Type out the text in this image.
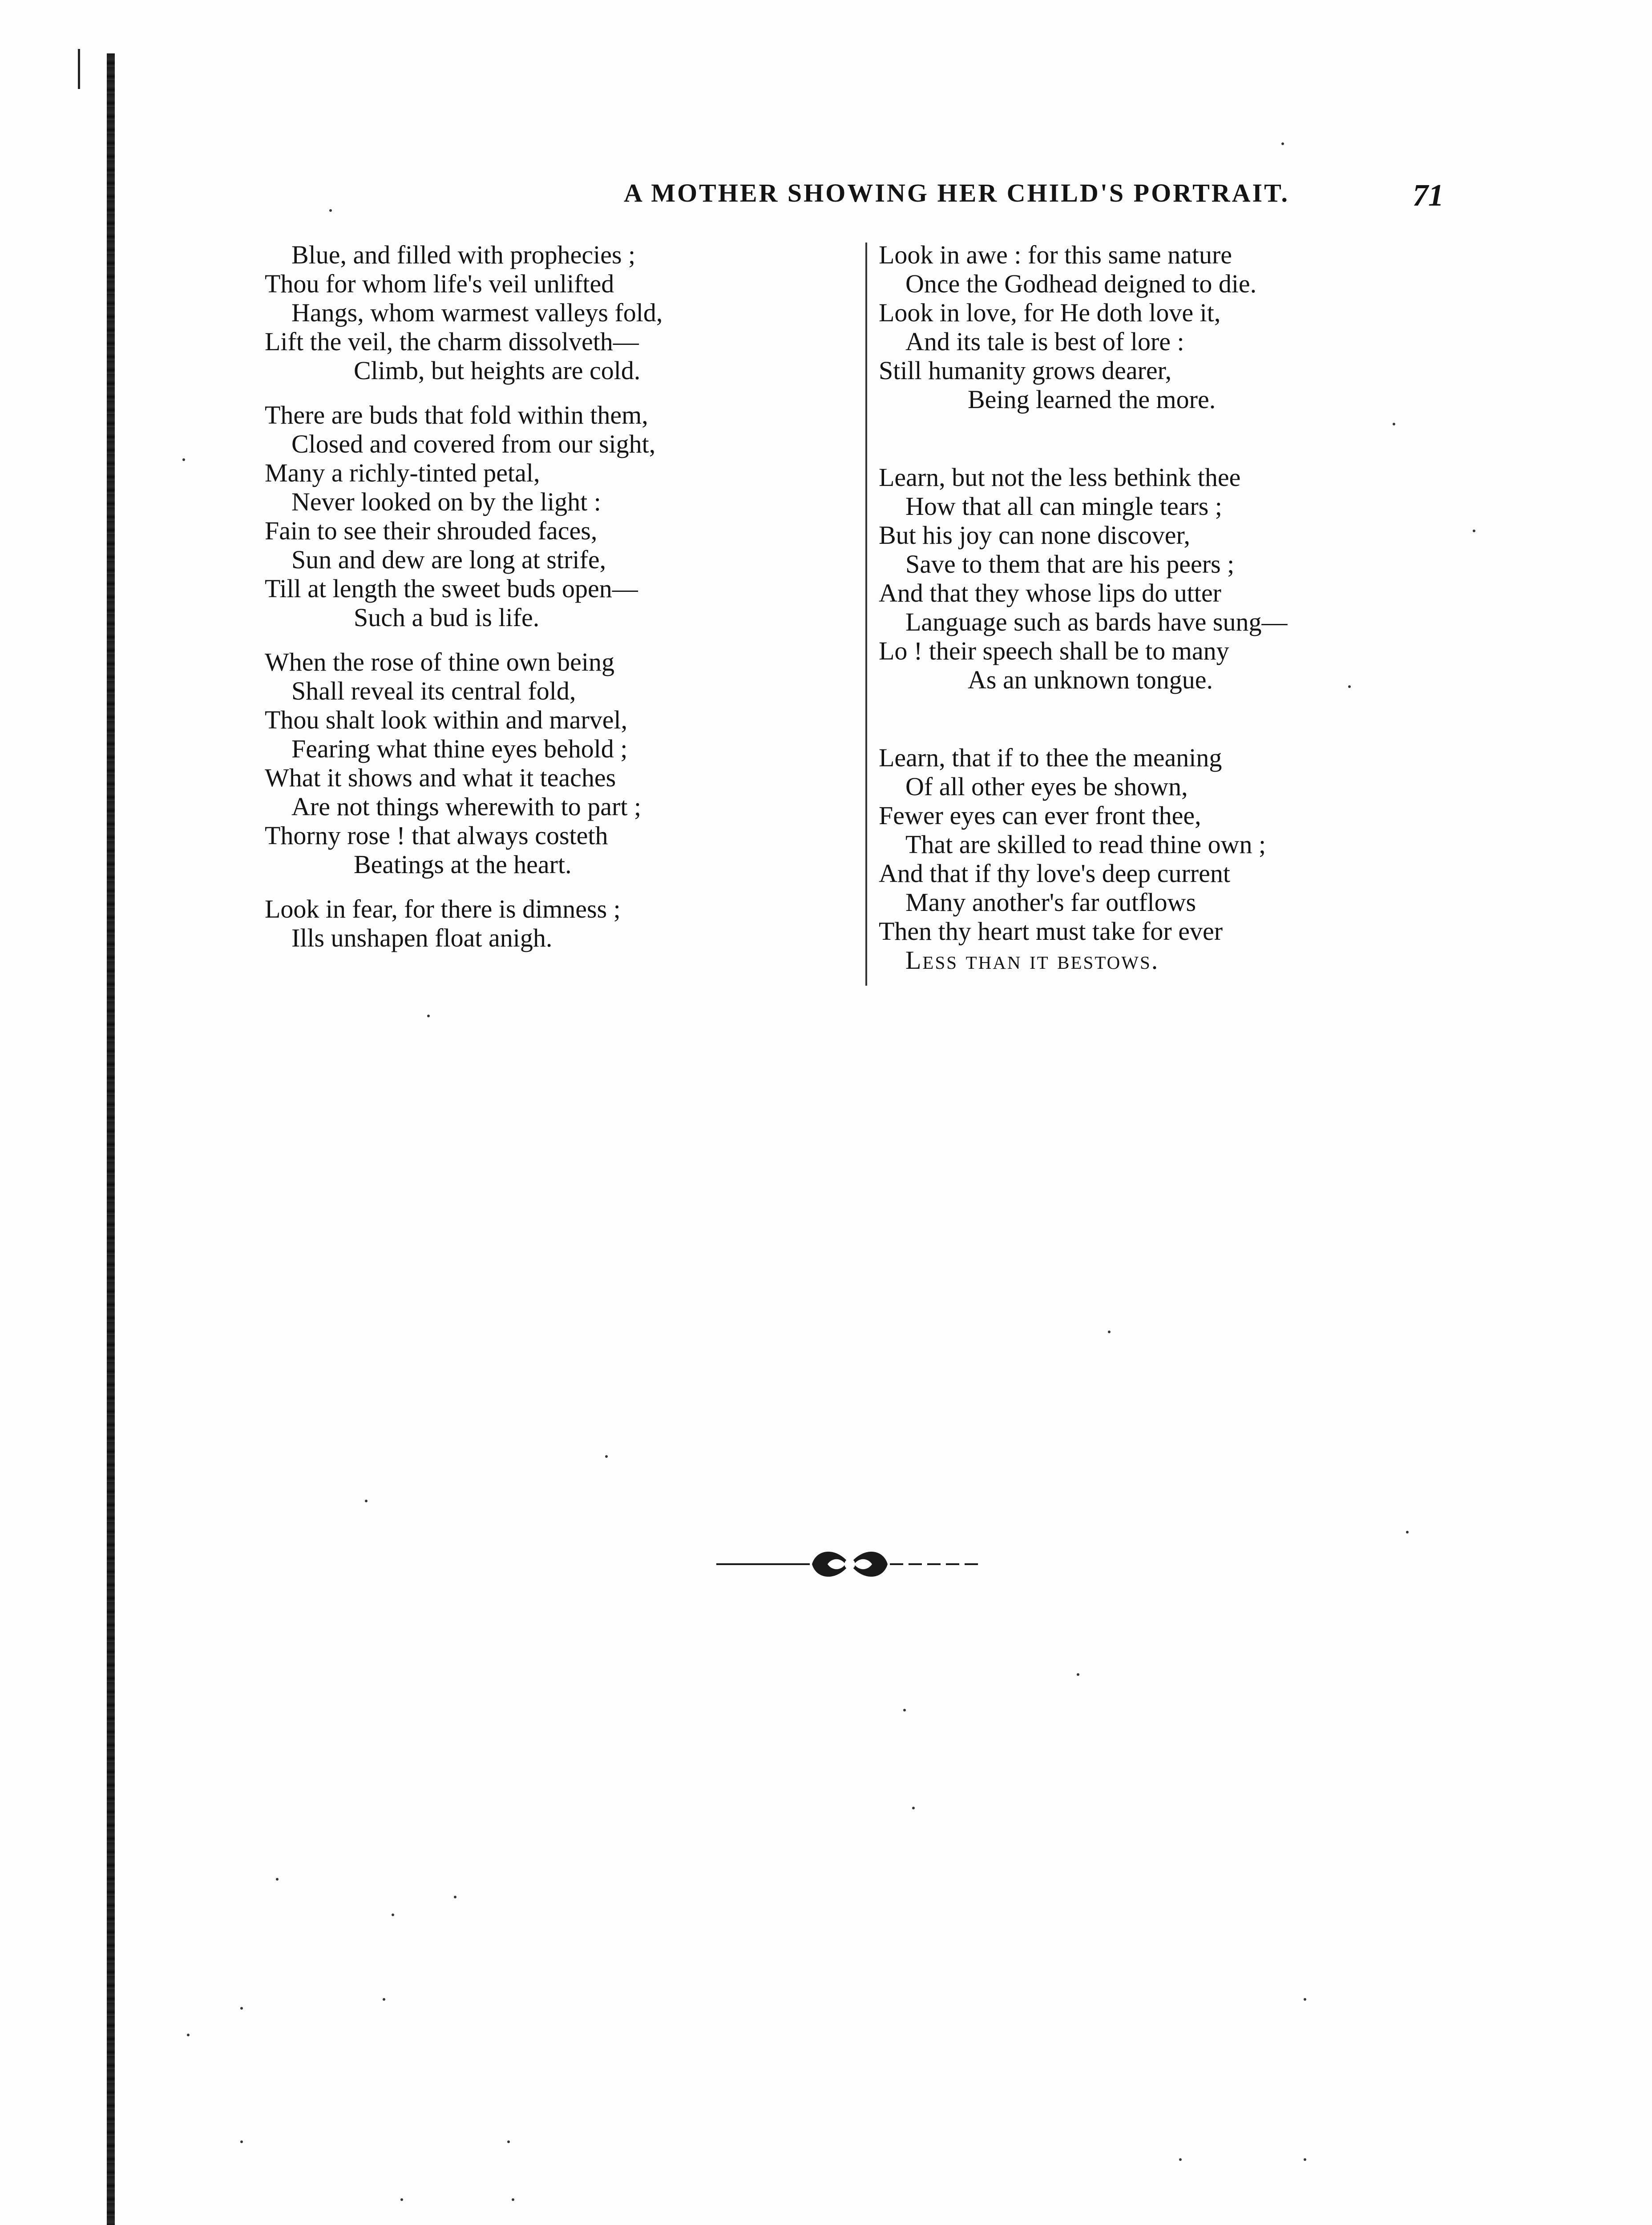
A MOTHER SHOWING HER CHILD'S PORTRAIT.	71
Blue, and filled with prophecies ;
Thou for whom life's veil unlifted
Hangs, whom warmest valleys fold,
Lift the veil, the charm dissolveth—
Climb, but heights are cold.
There are buds that fold within them,
Closed and covered from our sight,
Many a richly-tinted petal,
Never looked on by the light :
Fain to see their shrouded faces,
Sun and dew are long at strife,
Till at length the sweet buds open—
Such a bud is life.
When the rose of thine own being
Shall reveal its central fold,
Thou shalt look within and marvel,
Fearing what thine eyes behold ;
What it shows and what it teaches
Are not things wherewith to part ;
Thorny rose ! that always costeth
Beatings at the heart.
Look in fear, for there is dimness ;
Ills unshapen float anigh.
Look in awe : for this same nature
Once the Godhead deigned to die.
Look in love, for He doth love it,
And its tale is best of lore :
Still humanity grows dearer,
Being learned the more.
Learn, but not the less bethink thee
How that all can mingle tears ;
But his joy can none discover,
Save to them that are his peers ;
And that they whose lips do utter
Language such as bards have sung—
Lo ! their speech shall be to many
As an unknown tongue.
Learn, that if to thee the meaning
Of all other eyes be shown,
Fewer eyes can ever front thee,
That are skilled to read thine own ;
And that if thy love's deep current
Many another's far outflows
Then thy heart must take for ever
Less than it bestows.
